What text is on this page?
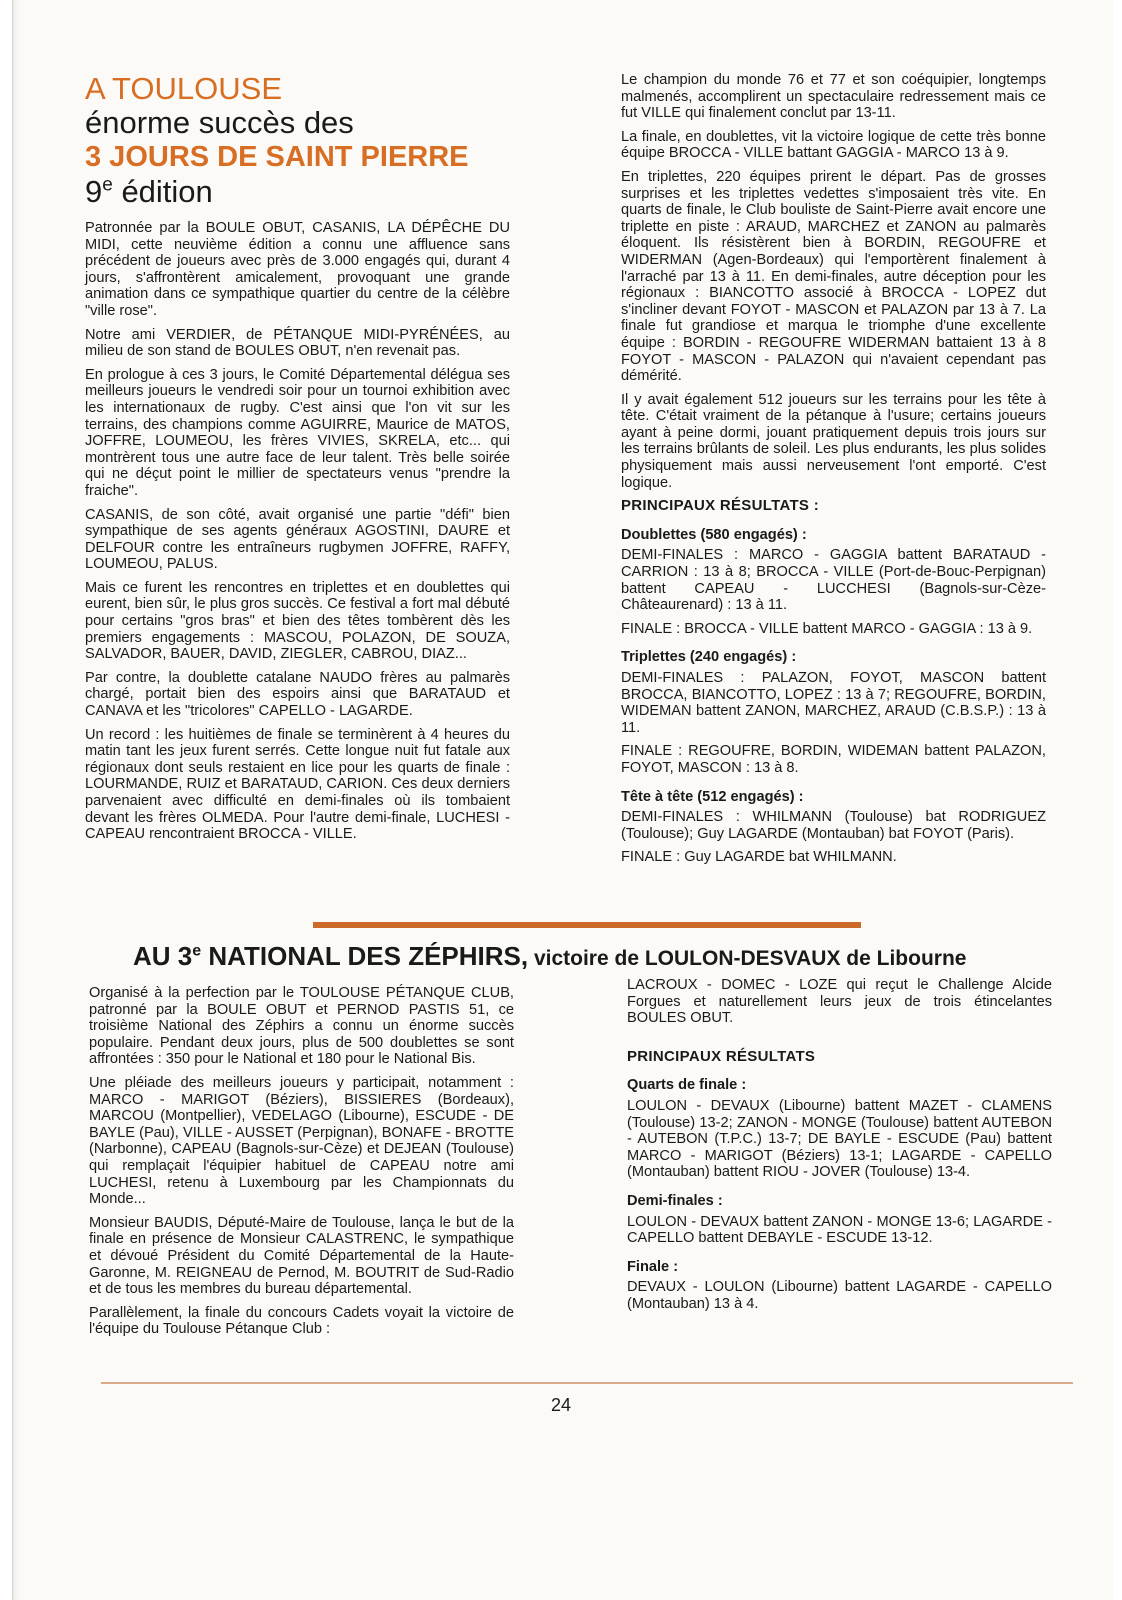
A TOULOUSE
énorme succès des
3 JOURS DE SAINT PIERRE
9e édition

Patronnée par la BOULE OBUT, CASANIS, LA DÉPÊCHE DU MIDI, cette neuvième édition a connu une affluence sans précédent de joueurs avec près de 3.000 engagés qui, durant 4 jours, s'affrontèrent amicalement, provoquant une grande animation dans ce sympathique quartier du centre de la célèbre "ville rose".

Notre ami VERDIER, de PÉTANQUE MIDI-PYRÉNÉES, au milieu de son stand de BOULES OBUT, n'en revenait pas.

En prologue à ces 3 jours, le Comité Départemental délégua ses meilleurs joueurs le vendredi soir pour un tournoi exhibition avec les internationaux de rugby. C'est ainsi que l'on vit sur les terrains, des champions comme AGUIRRE, Maurice de MATOS, JOFFRE, LOUMEOU, les frères VIVIES, SKRELA, etc... qui montrèrent tous une autre face de leur talent. Très belle soirée qui ne déçut point le millier de spectateurs venus "prendre la fraiche".

CASANIS, de son côté, avait organisé une partie "défi" bien sympathique de ses agents généraux AGOSTINI, DAURE et DELFOUR contre les entraîneurs rugbymen JOFFRE, RAFFY, LOUMEOU, PALUS.

Mais ce furent les rencontres en triplettes et en doublettes qui eurent, bien sûr, le plus gros succès. Ce festival a fort mal débuté pour certains "gros bras" et bien des têtes tombèrent dès les premiers engagements : MASCOU, POLAZON, DE SOUZA, SALVADOR, BAUER, DAVID, ZIEGLER, CABROU, DIAZ...

Par contre, la doublette catalane NAUDO frères au palmarès chargé, portait bien des espoirs ainsi que BARATAUD et CANAVA et les "tricolores" CAPELLO - LAGARDE.

Un record : les huitièmes de finale se terminèrent à 4 heures du matin tant les jeux furent serrés. Cette longue nuit fut fatale aux régionaux dont seuls restaient en lice pour les quarts de finale : LOURMANDE, RUIZ et BARATAUD, CARION. Ces deux derniers parvenaient avec difficulté en demi-finales où ils tombaient devant les frères OLMEDA. Pour l'autre demi-finale, LUCHESI - CAPEAU rencontraient BROCCA - VILLE.

Le champion du monde 76 et 77 et son coéquipier, longtemps malmenés, accomplirent un spectaculaire redressement mais ce fut VILLE qui finalement conclut par 13-11.

La finale, en doublettes, vit la victoire logique de cette très bonne équipe BROCCA - VILLE battant GAGGIA - MARCO 13 à 9.

En triplettes, 220 équipes prirent le départ. Pas de grosses surprises et les triplettes vedettes s'imposaient très vite. En quarts de finale, le Club bouliste de Saint-Pierre avait encore une triplette en piste : ARAUD, MARCHEZ et ZANON au palmarès éloquent. Ils résistèrent bien à BORDIN, REGOUFRE et WIDERMAN (Agen-Bordeaux) qui l'emportèrent finalement à l'arraché par 13 à 11. En demi-finales, autre déception pour les régionaux : BIANCOTTO associé à BROCCA - LOPEZ dut s'incliner devant FOYOT - MASCON et PALAZON par 13 à 7. La finale fut grandiose et marqua le triomphe d'une excellente équipe : BORDIN - REGOUFRE WIDERMAN battaient 13 à 8 FOYOT - MASCON - PALAZON qui n'avaient cependant pas démérité.

Il y avait également 512 joueurs sur les terrains pour les tête à tête. C'était vraiment de la pétanque à l'usure; certains joueurs ayant à peine dormi, jouant pratiquement depuis trois jours sur les terrains brûlants de soleil. Les plus endurants, les plus solides physiquement mais aussi nerveusement l'ont emporté. C'est logique.

PRINCIPAUX RÉSULTATS :
Doublettes (580 engagés) :

DEMI-FINALES : MARCO - GAGGIA battent BARATAUD - CARRION : 13 à 8; BROCCA - VILLE (Port-de-Bouc-Perpignan) battent CAPEAU - LUCCHESI (Bagnols-sur-Cèze-Châteaurenard) : 13 à 11.

FINALE : BROCCA - VILLE battent MARCO - GAGGIA : 13 à 9.

Triplettes (240 engagés) :

DEMI-FINALES : PALAZON, FOYOT, MASCON battent BROCCA, BIANCOTTO, LOPEZ : 13 à 7; REGOUFRE, BORDIN, WIDEMAN battent ZANON, MARCHEZ, ARAUD (C.B.S.P.) : 13 à 11.

FINALE : REGOUFRE, BORDIN, WIDEMAN battent PALAZON, FOYOT, MASCON : 13 à 8.

Tête à tête (512 engagés) :

DEMI-FINALES : WHILMANN (Toulouse) bat RODRIGUEZ (Toulouse); Guy LAGARDE (Montauban) bat FOYOT (Paris).

FINALE : Guy LAGARDE bat WHILMANN.

AU 3e NATIONAL DES ZÉPHIRS, victoire de LOULON-DESVAUX de Libourne

Organisé à la perfection par le TOULOUSE PÉTANQUE CLUB, patronné par la BOULE OBUT et PERNOD PASTIS 51, ce troisième National des Zéphirs a connu un énorme succès populaire. Pendant deux jours, plus de 500 doublettes se sont affrontées : 350 pour le National et 180 pour le National Bis.

Une pléiade des meilleurs joueurs y participait, notamment : MARCO - MARIGOT (Béziers), BISSIERES (Bordeaux), MARCOU (Montpellier), VEDELAGO (Libourne), ESCUDE - DE BAYLE (Pau), VILLE - AUSSET (Perpignan), BONAFE - BROTTE (Narbonne), CAPEAU (Bagnols-sur-Cèze) et DEJEAN (Toulouse) qui remplaçait l'équipier habituel de CAPEAU notre ami LUCHESI, retenu à Luxembourg par les Championnats du Monde...

Monsieur BAUDIS, Député-Maire de Toulouse, lança le but de la finale en présence de Monsieur CALASTRENC, le sympathique et dévoué Président du Comité Départemental de la Haute-Garonne, M. REIGNEAU de Pernod, M. BOUTRIT de Sud-Radio et de tous les membres du bureau départemental.

Parallèlement, la finale du concours Cadets voyait la victoire de l'équipe du Toulouse Pétanque Club :

LACROUX - DOMEC - LOZE qui reçut le Challenge Alcide Forgues et naturellement leurs jeux de trois étincelantes BOULES OBUT.

PRINCIPAUX RÉSULTATS
Quarts de finale :

LOULON - DEVAUX (Libourne) battent MAZET - CLAMENS (Toulouse) 13-2; ZANON - MONGE (Toulouse) battent AUTEBON - AUTEBON (T.P.C.) 13-7; DE BAYLE - ESCUDE (Pau) battent MARCO - MARIGOT (Béziers) 13-1; LAGARDE - CAPELLO (Montauban) battent RIOU - JOVER (Toulouse) 13-4.

Demi-finales :

LOULON - DEVAUX battent ZANON - MONGE 13-6; LAGARDE - CAPELLO battent DEBAYLE - ESCUDE 13-12.

Finale :

DEVAUX - LOULON (Libourne) battent LAGARDE - CAPELLO (Montauban) 13 à 4.

24
